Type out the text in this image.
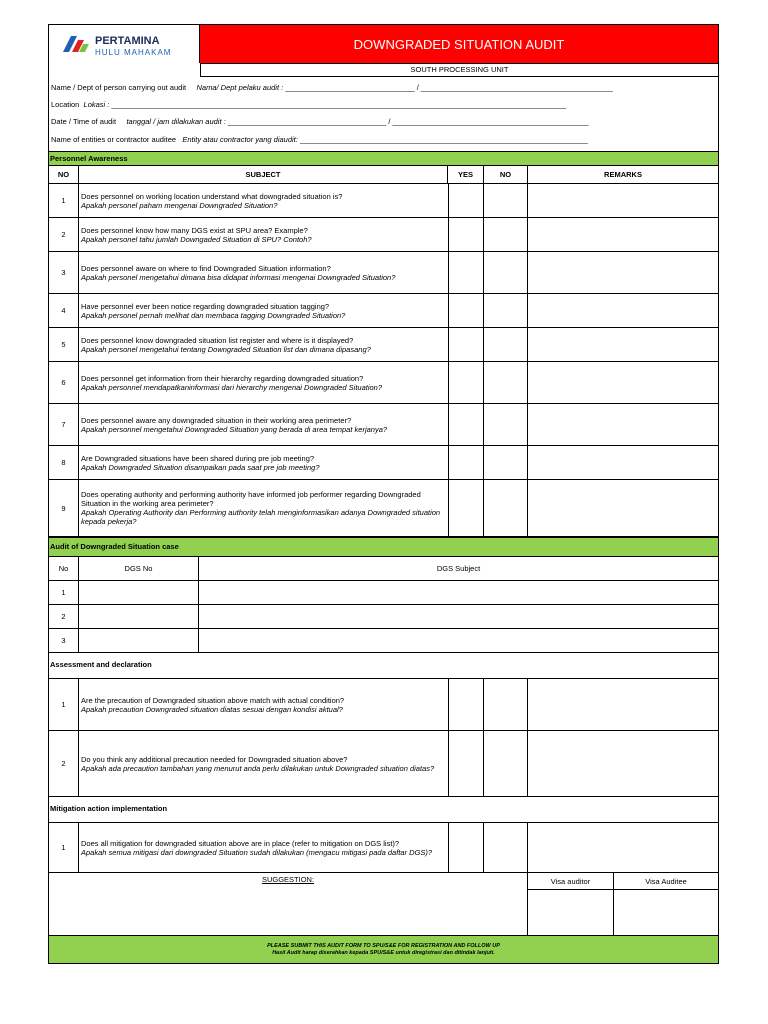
PERTAMINA
HULU MAHAKAM
DOWNGRADED SITUATION AUDIT
SOUTH PROCESSING UNIT
Name / Dept of person carrying out audit Nama/ Dept pelaku audit : _______________________________ / ______________________________________________
Location Lokasi : _____________________________________________________________________________________________________________
Date / Time of audit tanggal / jam dilakukan audit : ______________________________________ / _______________________________________________
Name of entities or contractor auditee Entity atau contractor yang diaudit: _____________________________________________________________________
Personnel Awareness
NO	SUBJECT	YES	NO	REMARKS
1	Does personnel on working location understand what downgraded situation is?
Apakah personel paham mengenai Downgraded Situation?
2	Does personnel know how many DGS exist at SPU area? Example?
Apakah personel tahu jumlah Downgaded Situation di SPU? Contoh?
3	Does personnel aware on where to find Downgraded Situation information?
Apakah personel mengetahui dimana bisa didapat informasi mengenai Downgraded Situation?
4	Have personnel ever been notice regarding downgraded situation tagging?
Apakah personel pernah melihat dan membaca tagging Downgraded Situation?
5	Does personnel know downgraded situation list register and where is it displayed?
Apakah personel mengetahui tentang Downgraded Situation list dan dimana dipasang?
6	Does personnel get information from their hierarchy regarding downgraded situation?
Apakah personnel mendapatkaninformasi dari hierarchy mengenai Downgraded Situation?
7	Does personnel aware any downgraded situation in their working area perimeter?
Apakah personnel mengetahui Downgraded Situation yang berada di area tempat kerjanya?
8	Are Downgraded situations have been shared during pre job meeting?
Apakah Downgraded Situation disampaikan pada saat pre job meeting?
9
Does operating authority and performing authority have informed job performer regarding Downgraded Situation in the working area perimeter?
Apakah Operating Authority dan Performing authority telah menginformasikan adanya Downgraded situation kepada pekerja?
Audit of Downgraded Situation case
No	DGS No	DGS Subject
1
2
3
Assessment and declaration
1	Are the precaution of Downgraded situation above match with actual condition?
Apakah precaution Downgraded situation diatas sesuai dengan kondisi aktual?
2	Do you think any additional precaution needed for Downgraded situation above?
Apakah ada precaution tambahan yang menurut anda perlu dilakukan untuk Downgraded situation diatas?
Mitigation action implementation
1	Does all mitigation for downgraded situation above are in place (refer to mitigation on DGS list)?
Apakah semua mitigasi dari downgraded Situation sudah dilakukan (mengacu mitigasi pada daftar DGS)?
SUGGESTION:	Visa auditor	Visa Auditee
PLEASE SUBMIT THIS AUDIT FORM TO SPU/S&E FOR REGISTRATION AND FOLLOW UP
Hasil Audit harap diserahkan kepada SPU/S&E untuk diregistrasi dan ditindak lanjuti.
